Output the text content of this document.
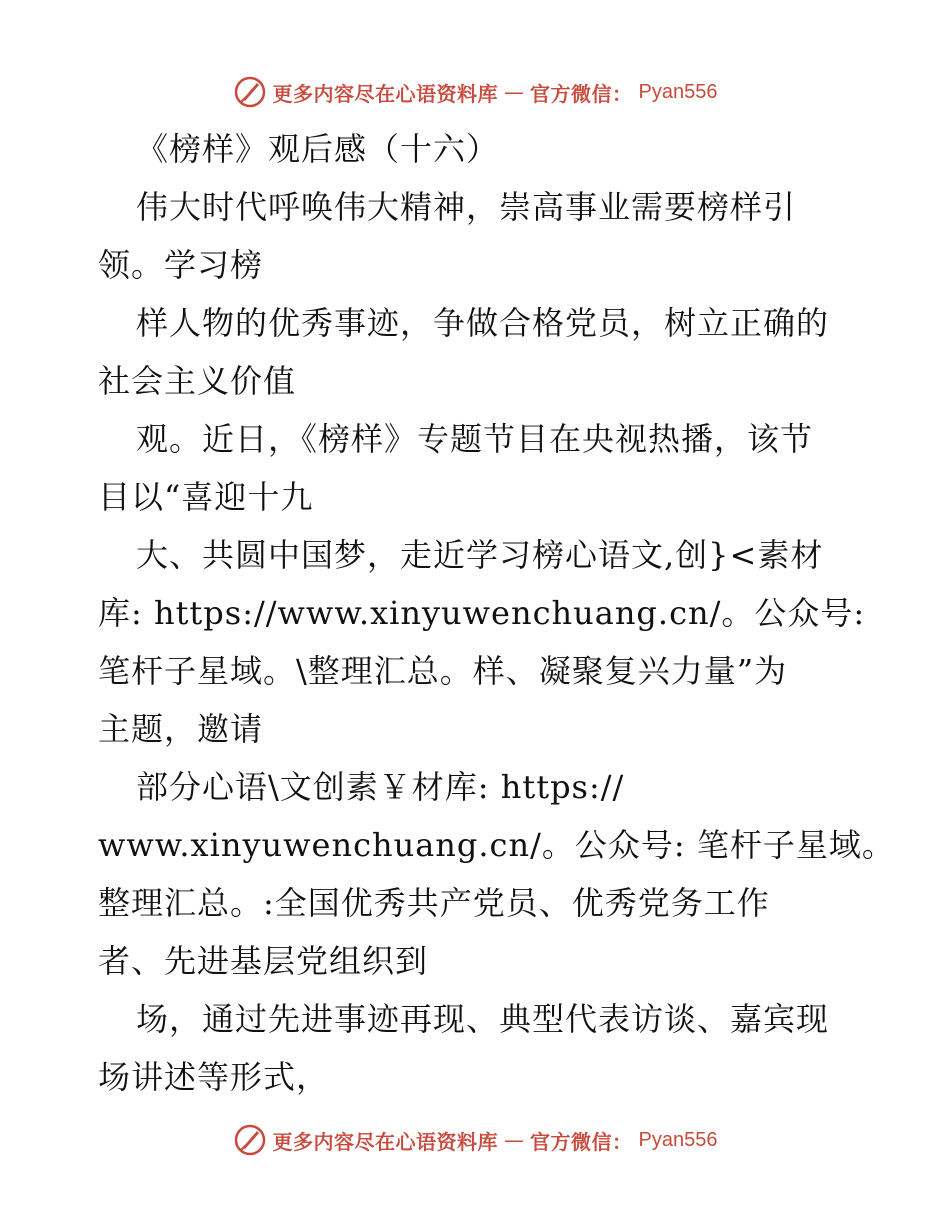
更多内容尽在心语资料库 — 官方微信： Pyan556
《榜样》观后感（十六）
伟大时代呼唤伟大精神，崇高事业需要榜样引
领。学习榜
样人物的优秀事迹，争做合格党员，树立正确的
社会主义价值
观。近日，《榜样》专题节目在央视热播，该节
目以“喜迎十九
大、共圆中国梦，走近学习榜心语文,创}<素材
库: https://www.xinyuwenchuang.cn/。公众号:
笔杆子星域。\整理汇总。样、凝聚复兴力量”为
主题，邀请
部分心语\文创素￥材库: https://
www.xinyuwenchuang.cn/。公众号: 笔杆子星域。
整理汇总。:全国优秀共产党员、优秀党务工作
者、先进基层党组织到
场，通过先进事迹再现、典型代表访谈、嘉宾现
场讲述等形式，
更多内容尽在心语资料库 — 官方微信： Pyan556
